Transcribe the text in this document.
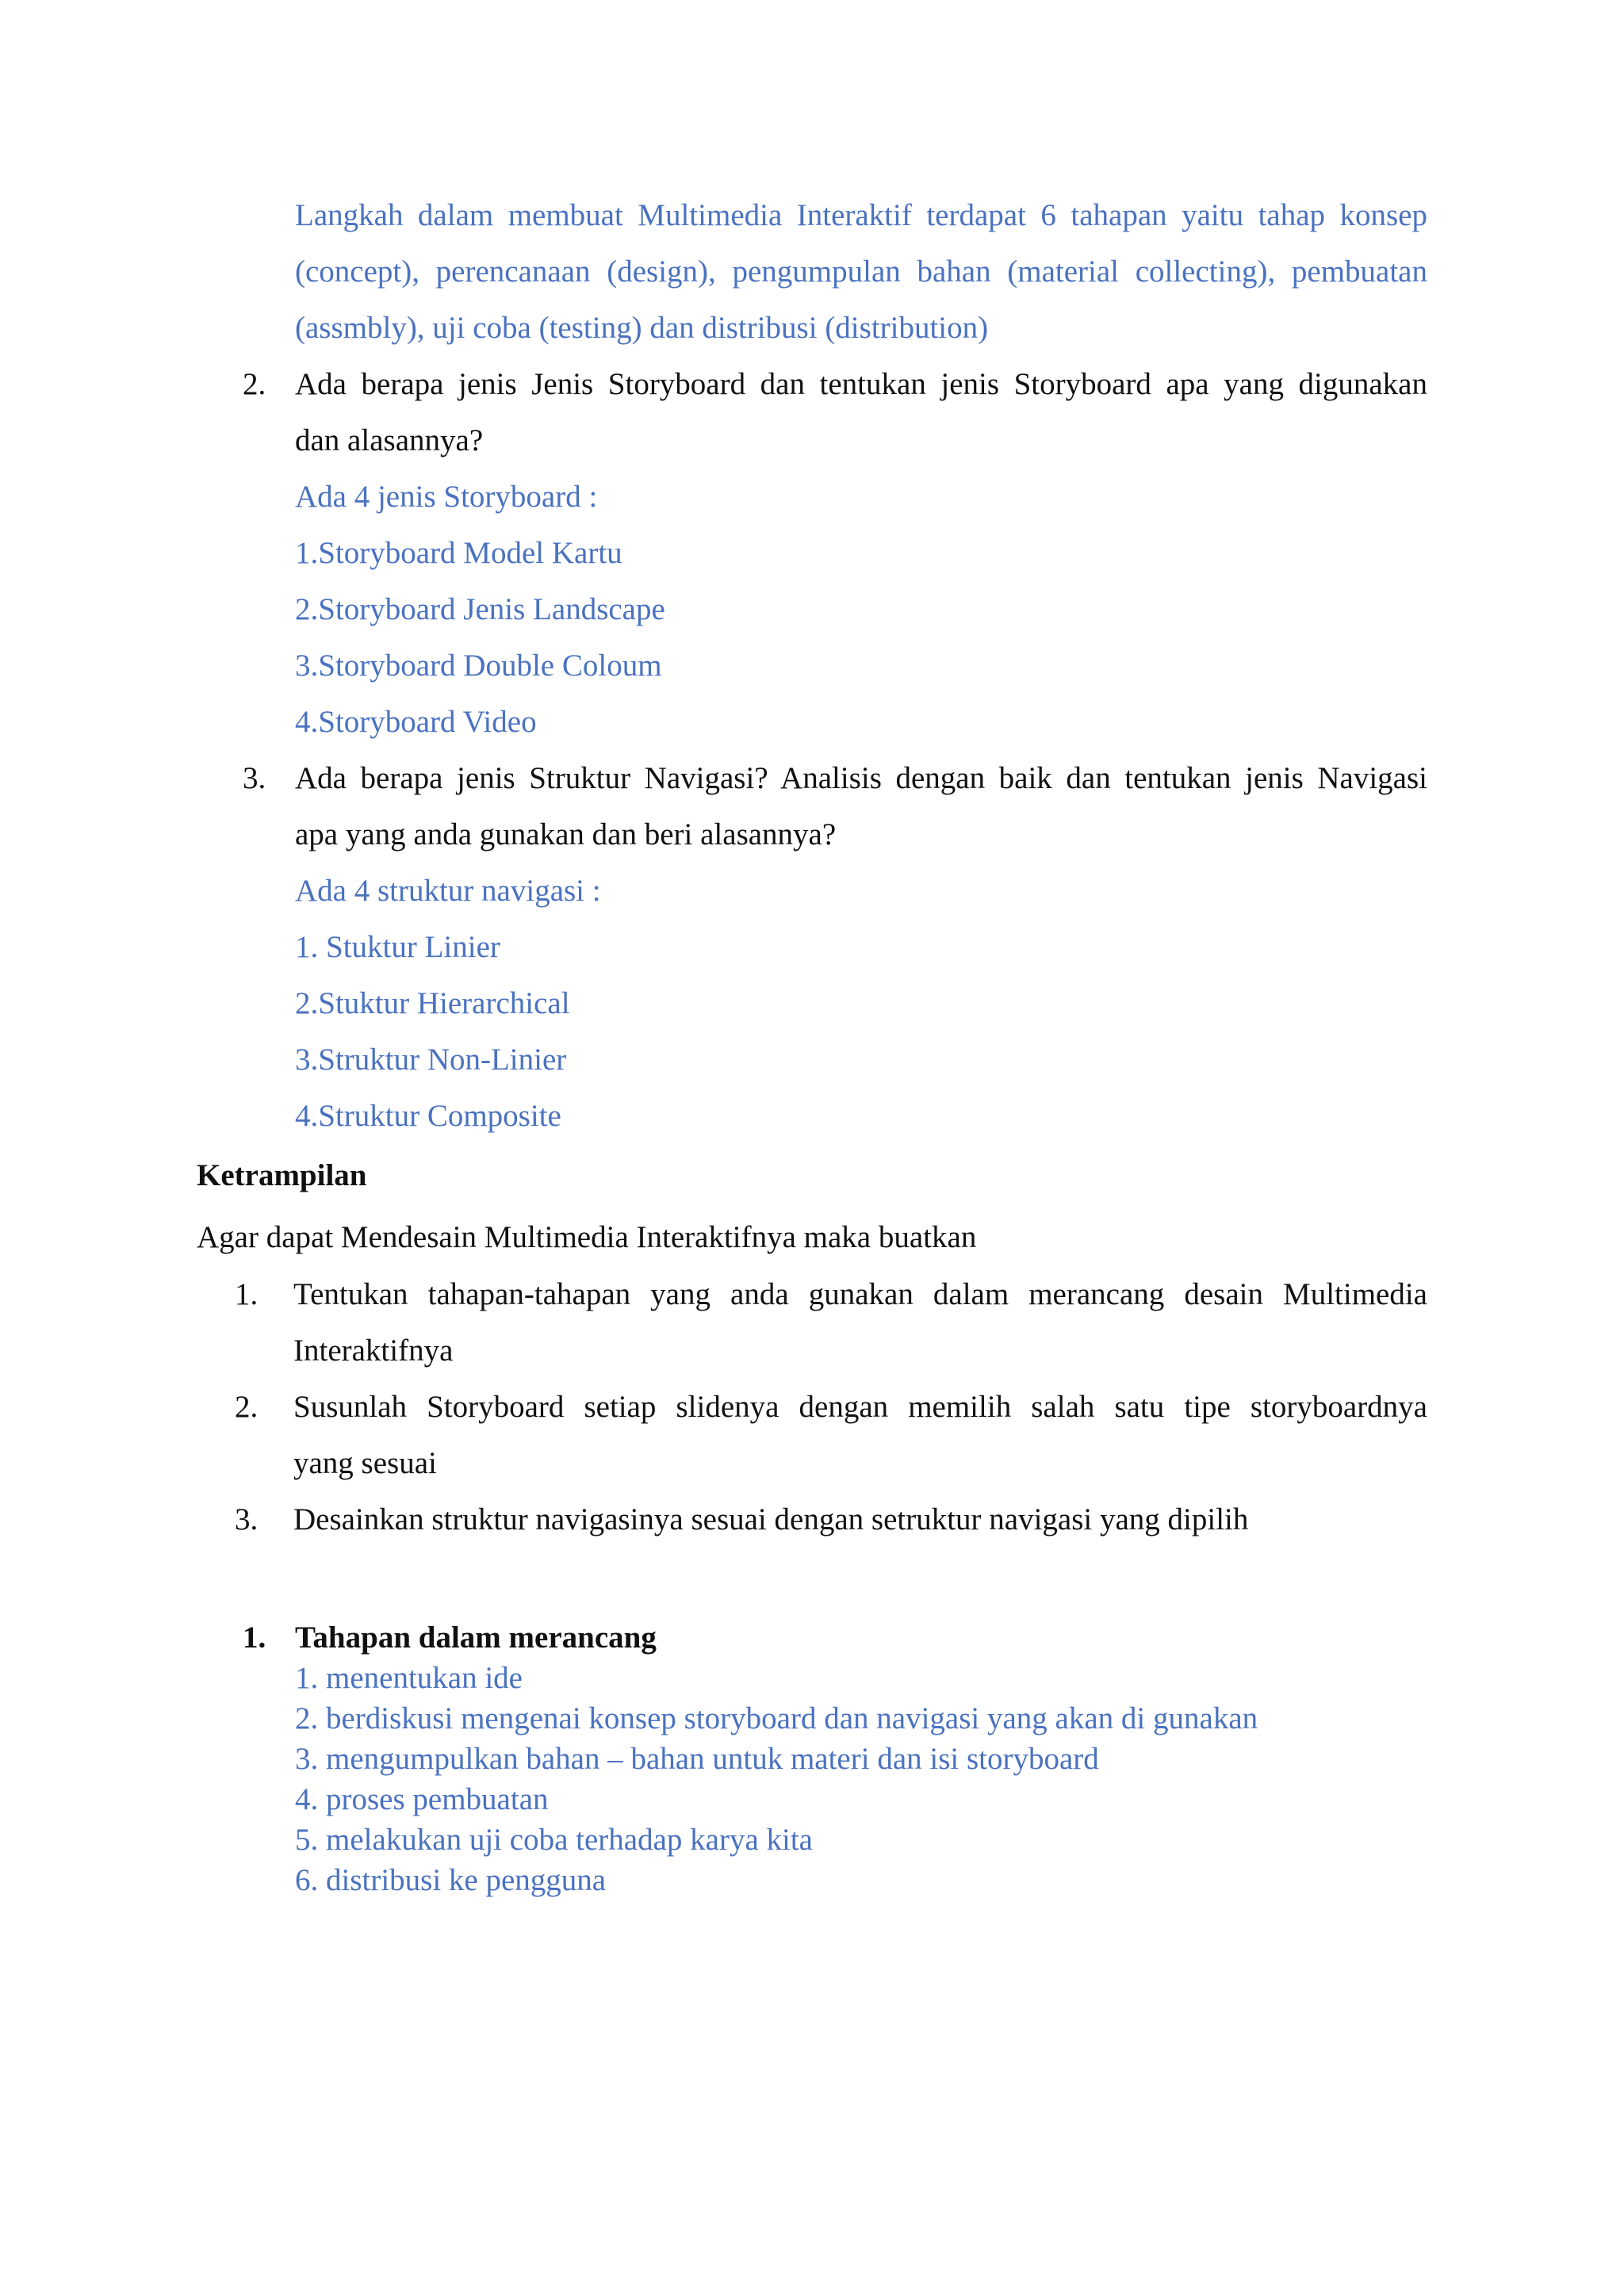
Langkah dalam membuat Multimedia Interaktif terdapat 6 tahapan yaitu tahap konsep

(concept), perencanaan (design), pengumpulan bahan (material collecting), pembuatan

(assmbly), uji coba (testing) dan distribusi (distribution)

2. Ada berapa jenis Jenis Storyboard dan tentukan jenis Storyboard apa yang digunakan

dan alasannya?

Ada 4 jenis Storyboard :

1.Storyboard Model Kartu

2.Storyboard Jenis Landscape

3.Storyboard Double Coloum

4.Storyboard Video

3. Ada berapa jenis Struktur Navigasi? Analisis dengan baik dan tentukan jenis Navigasi

apa yang anda gunakan dan beri alasannya?

Ada 4 struktur navigasi :

1. Stuktur Linier

2.Stuktur Hierarchical

3.Struktur Non-Linier

4.Struktur Composite

Ketrampilan

Agar dapat Mendesain Multimedia Interaktifnya maka buatkan

1. Tentukan tahapan-tahapan yang anda gunakan dalam merancang desain Multimedia

Interaktifnya

2. Susunlah Storyboard setiap slidenya dengan memilih salah satu tipe storyboardnya

yang sesuai

3. Desainkan struktur navigasinya sesuai dengan setruktur navigasi yang dipilih

1. Tahapan dalam merancang

1. menentukan ide

2. berdiskusi mengenai konsep storyboard dan navigasi yang akan di gunakan

3. mengumpulkan bahan – bahan untuk materi dan isi storyboard

4. proses pembuatan

5. melakukan uji coba terhadap karya kita

6. distribusi ke pengguna
